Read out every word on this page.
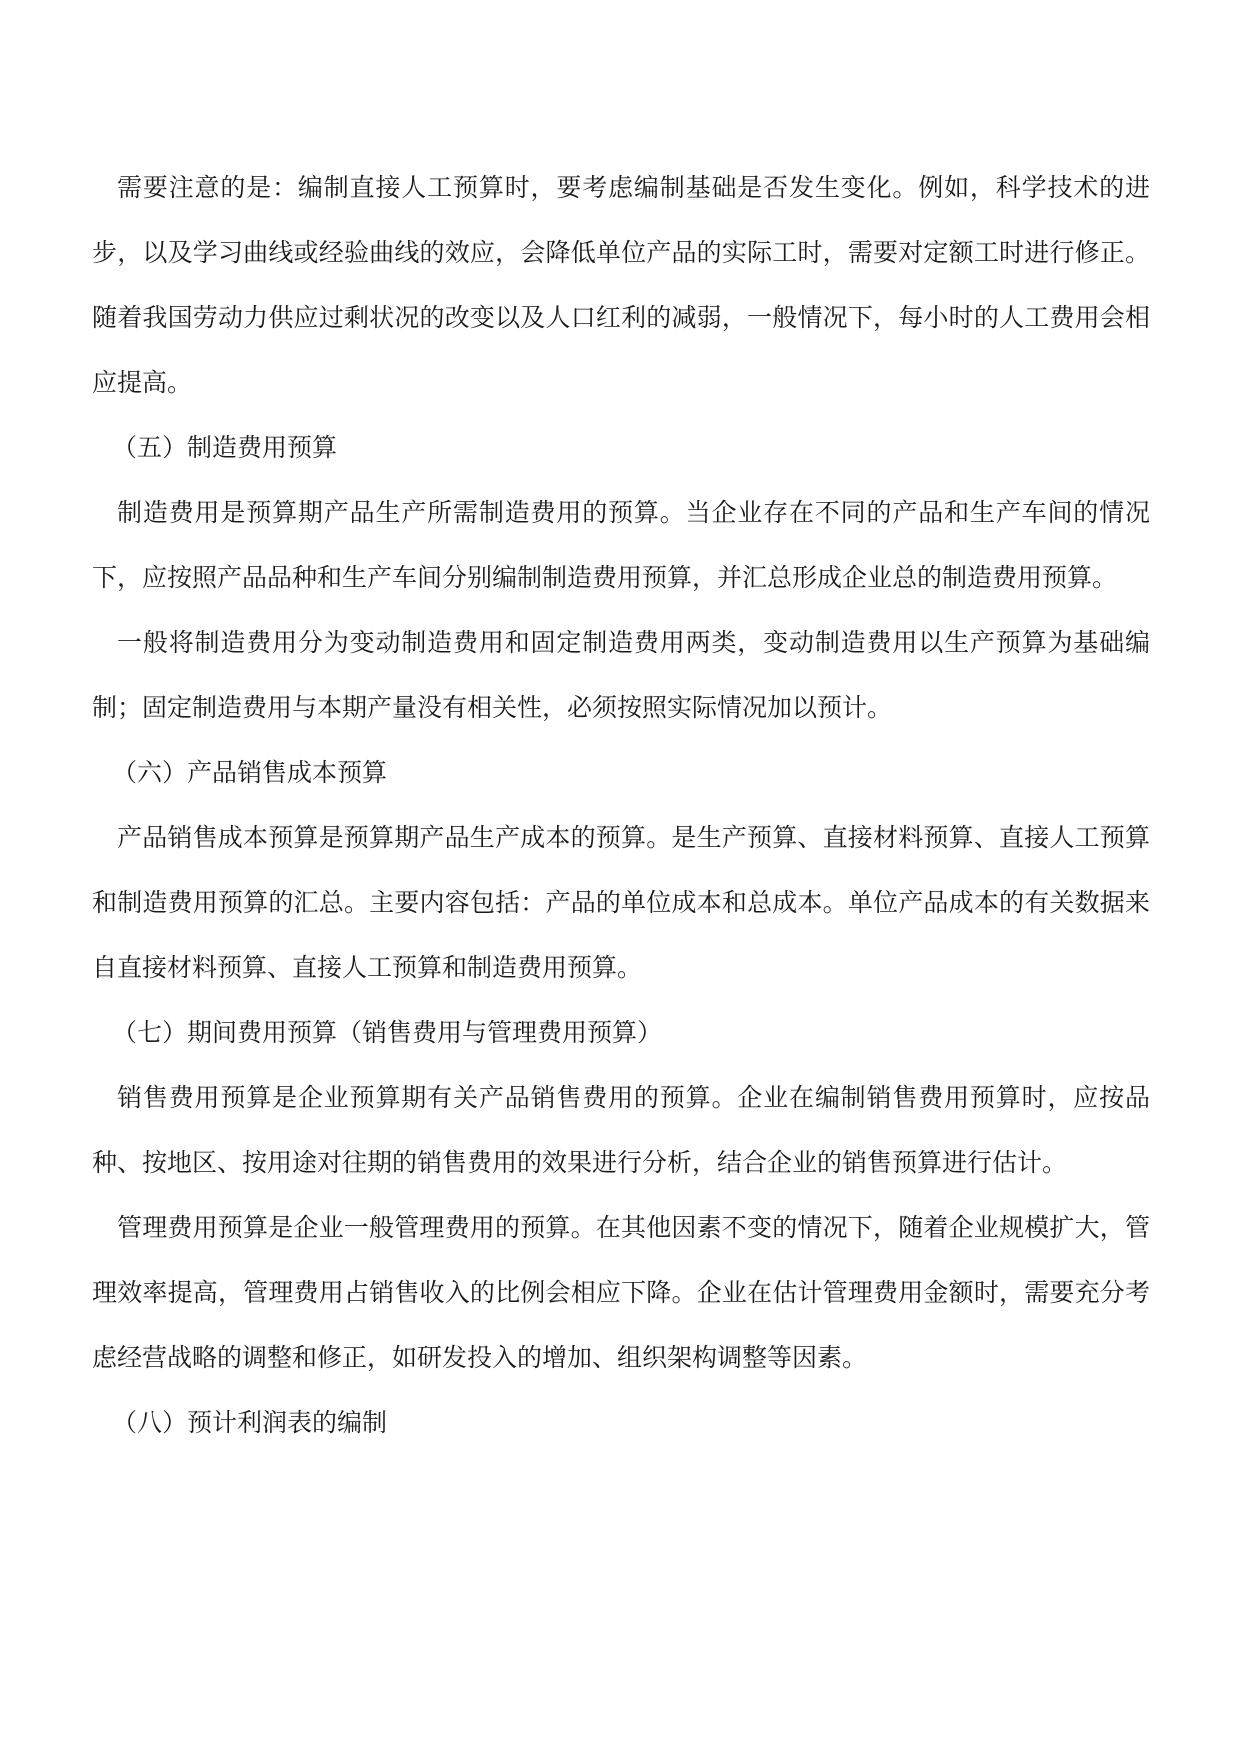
需要注意的是：编制直接人工预算时，要考虑编制基础是否发生变化。例如，科学技术的进步，以及学习曲线或经验曲线的效应，会降低单位产品的实际工时，需要对定额工时进行修正。随着我国劳动力供应过剩状况的改变以及人口红利的减弱，一般情况下，每小时的人工费用会相应提高。

（五）制造费用预算

制造费用是预算期产品生产所需制造费用的预算。当企业存在不同的产品和生产车间的情况下，应按照产品品种和生产车间分别编制制造费用预算，并汇总形成企业总的制造费用预算。

一般将制造费用分为变动制造费用和固定制造费用两类，变动制造费用以生产预算为基础编制；固定制造费用与本期产量没有相关性，必须按照实际情况加以预计。

（六）产品销售成本预算

产品销售成本预算是预算期产品生产成本的预算。是生产预算、直接材料预算、直接人工预算和制造费用预算的汇总。主要内容包括：产品的单位成本和总成本。单位产品成本的有关数据来自直接材料预算、直接人工预算和制造费用预算。

（七）期间费用预算（销售费用与管理费用预算）

销售费用预算是企业预算期有关产品销售费用的预算。企业在编制销售费用预算时，应按品种、按地区、按用途对往期的销售费用的效果进行分析，结合企业的销售预算进行估计。

管理费用预算是企业一般管理费用的预算。在其他因素不变的情况下，随着企业规模扩大，管理效率提高，管理费用占销售收入的比例会相应下降。企业在估计管理费用金额时，需要充分考虑经营战略的调整和修正，如研发投入的增加、组织架构调整等因素。

（八）预计利润表的编制
